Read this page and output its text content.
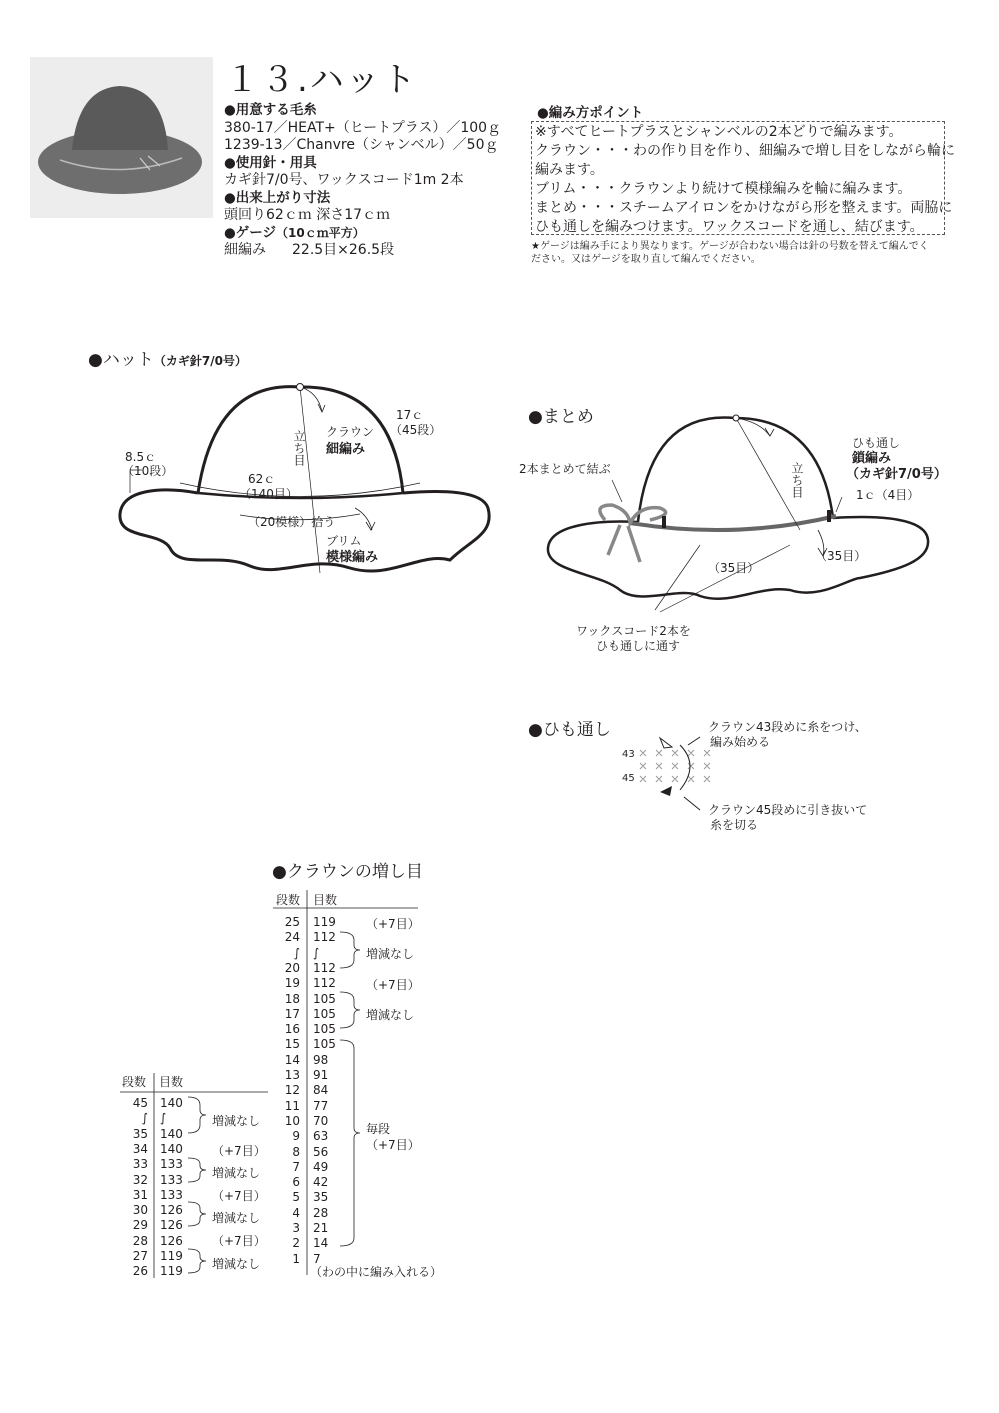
１３.ハット
●用意する毛糸
380-17／HEAT+（ヒートプラス）／100ｇ
1239-13／Chanvre（シャンベル）／50ｇ
●使用針・用具
カギ針7/0号、ワックスコード1m 2本
●出来上がり寸法
頭回り62ｃｍ 深さ17ｃｍ
●ゲージ（10ｃｍ平方）
細編み 22.5目×26.5段
●編み方ポイント
※すべてヒートプラスとシャンベルの2本どりで編みます。
クラウン・・・わの作り目を作り、細編みで増し目をしながら輪に
編みます。
ブリム・・・クラウンより続けて模様編みを輪に編みます。
まとめ・・・スチームアイロンをかけながら形を整えます。両脇に
ひも通しを編みつけます。ワックスコードを通し、結びます。
★ゲージは編み手により異なります。ゲージが合わない場合は針の号数を替えて編んでく
ださい。又はゲージを取り直して編んでください。
●ハット（カギ針7/0号）
立ち目 クラウン
細編み
17ｃ
（45段）
8.5ｃ
（10段）
62ｃ
（140目）
（20模様）拾う
ブリム
模様編み
●まとめ
2本まとめて結ぶ	立ち目
ひも通し
鎖編み
（カギ針7/0号）
1ｃ（4目）
（35目）
（35目）
ワックスコード2本を
ひも通しに通す
●ひも通し
43
45
クラウン43段めに糸をつけ、
編み始める
クラウン45段めに引き抜いて
糸を切る
●クラウンの増し目
段数 目数
25 119
24 112
∫ ∫
20 112
19 112
18 105
17 105
16 105
15 105
14 98
13 91
12 84
11 77
10 70
9 63
8 56
7 49
6 42
5 35
4 28
3 21
2 14
1 7
（+7目）
増減なし
（+7目）
増減なし
毎段
（+7目）
（わの中に編み入れる）
段数 目数
45 140
∫ ∫
35 140
34 140
33 133
32 133
31 133
30 126
29 126
28 126
27 119
26 119
増減なし
（+7目）
増減なし
（+7目）
増減なし
（+7目）
増減なし
